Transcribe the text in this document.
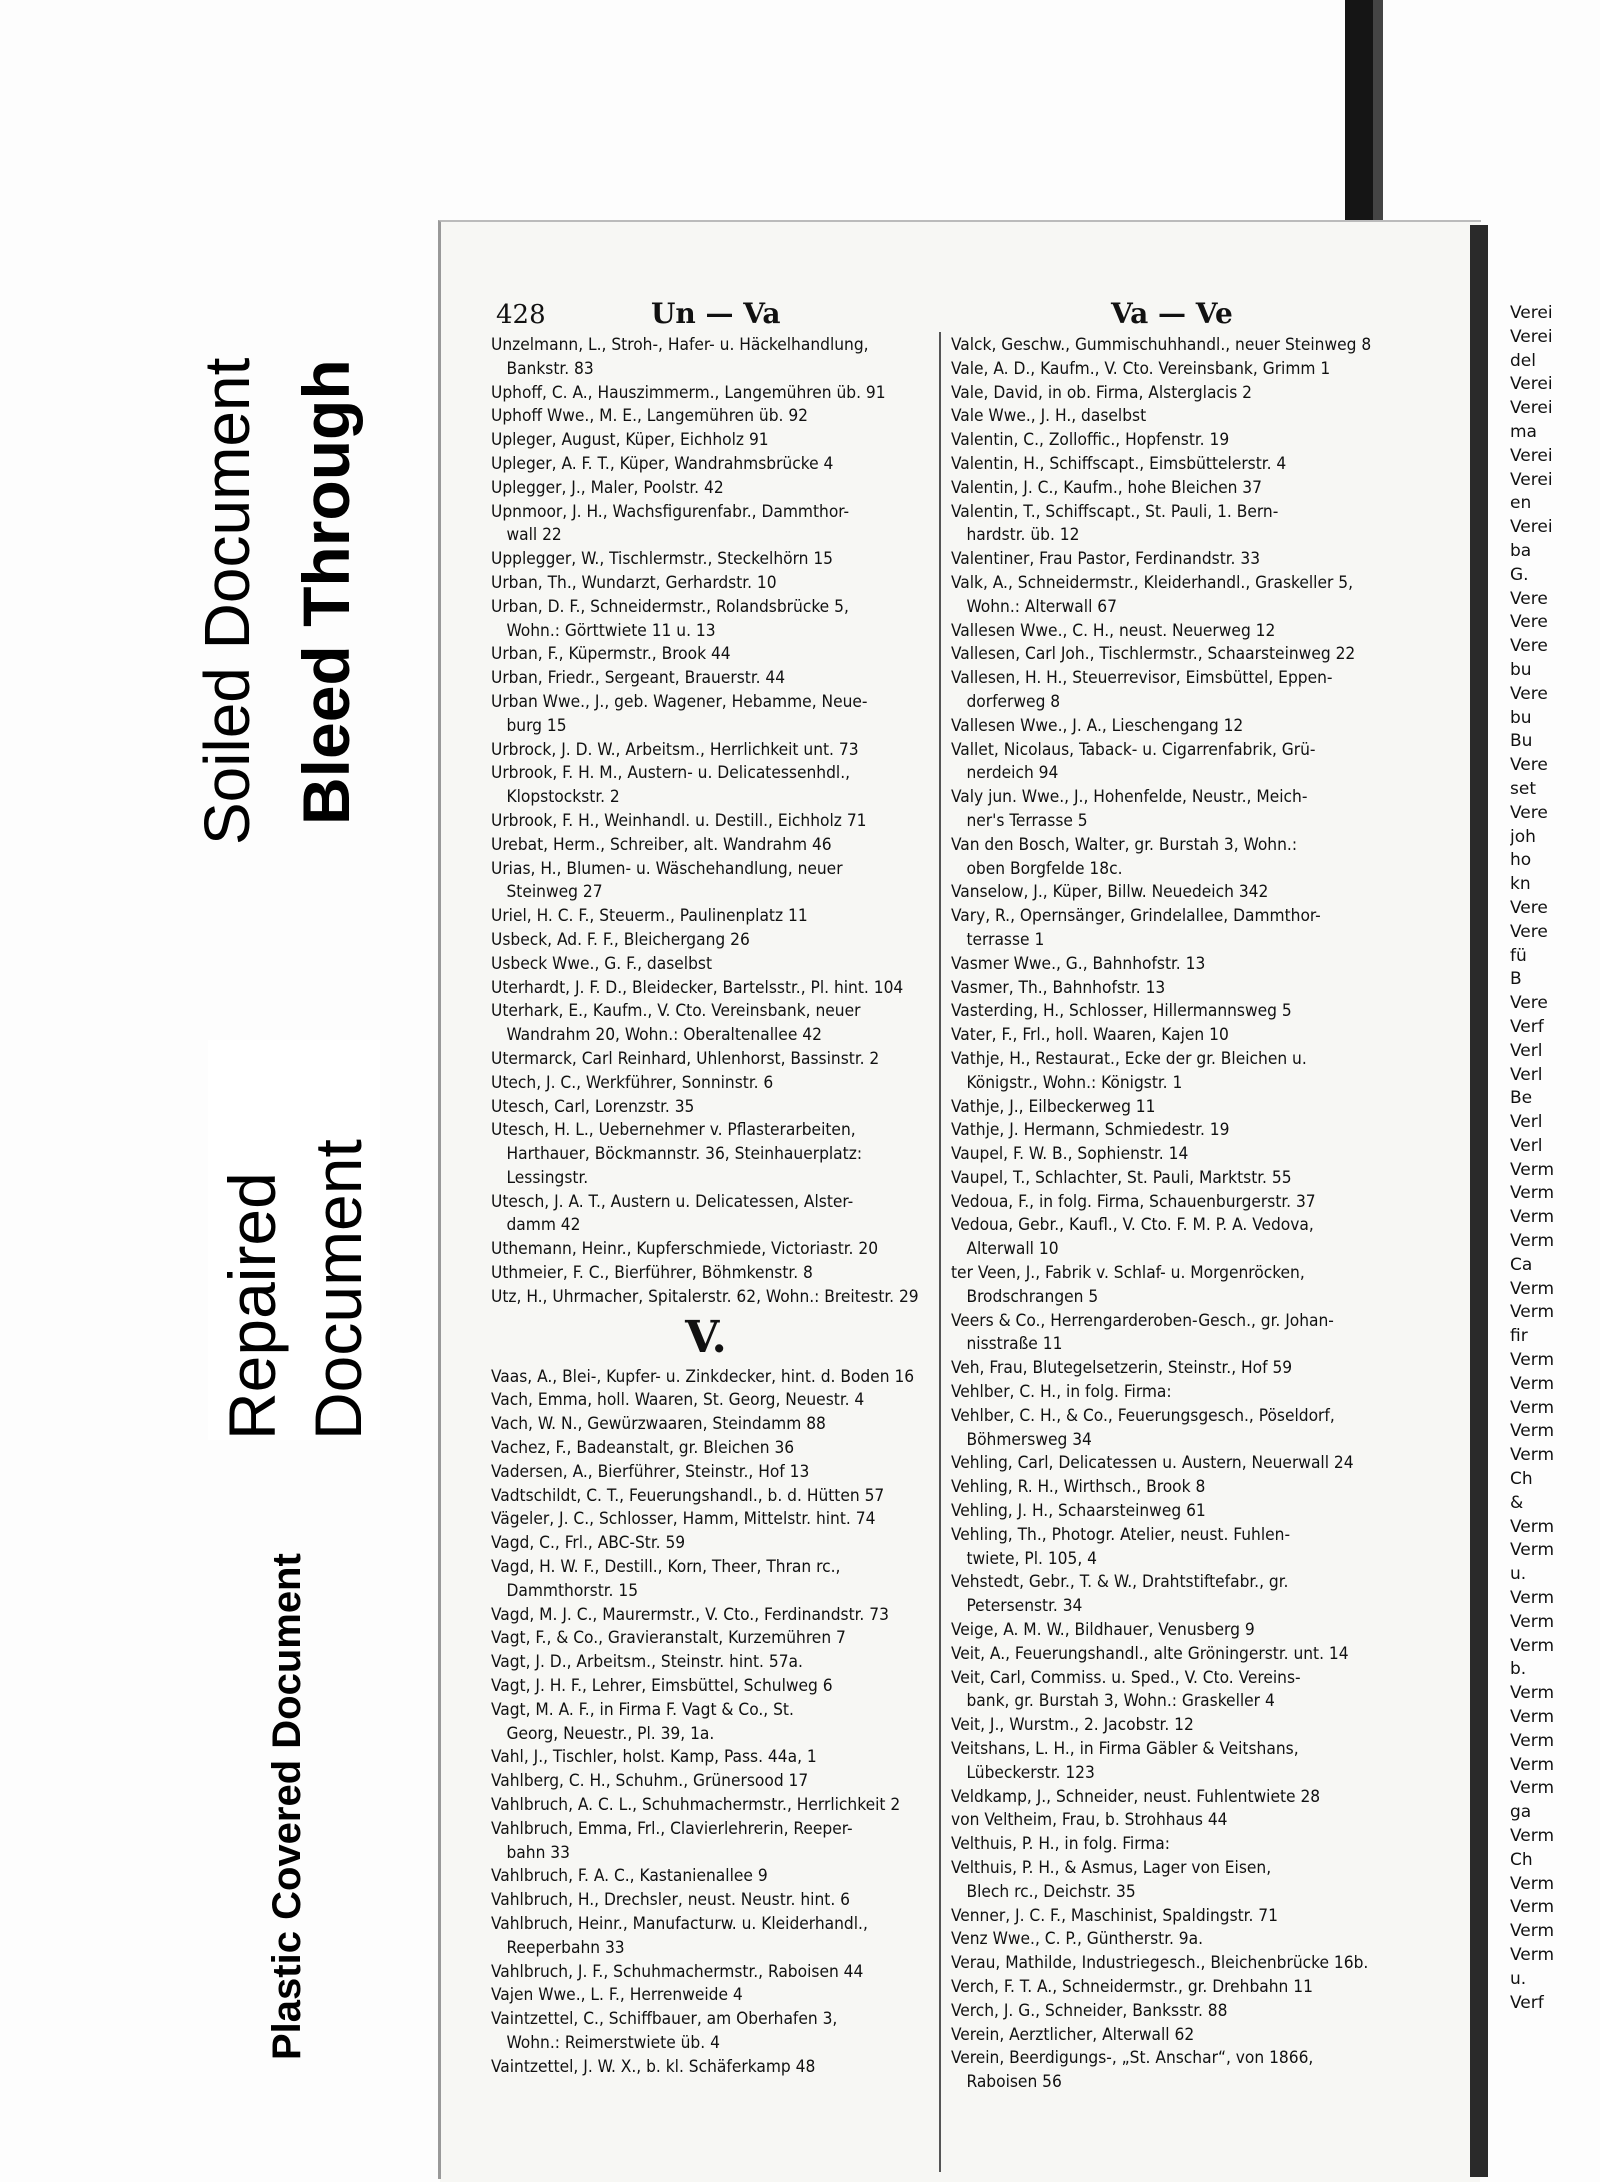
Soiled Document Bleed Through
Repaired Document
Plastic Covered Document
428	Un — Va	Va — Ve
Unzelmann, L., Stroh-, Hafer- u. Häckelhandlung,
 Bankstr. 83
Uphoff, C. A., Hauszimmerm., Langemühren üb. 91
Uphoff Wwe., M. E., Langemühren üb. 92
Upleger, August, Küper, Eichholz 91
Upleger, A. F. T., Küper, Wandrahmsbrücke 4
Uplegger, J., Maler, Poolstr. 42
Upnmoor, J. H., Wachsfigurenfabr., Dammthor-
 wall 22
Upplegger, W., Tischlermstr., Steckelhörn 15
Urban, Th., Wundarzt, Gerhardstr. 10
Urban, D. F., Schneidermstr., Rolandsbrücke 5,
 Wohn.: Görttwiete 11 u. 13
Urban, F., Küpermstr., Brook 44
Urban, Friedr., Sergeant, Brauerstr. 44
Urban Wwe., J., geb. Wagener, Hebamme, Neue-
 burg 15
Urbrock, J. D. W., Arbeitsm., Herrlichkeit unt. 73
Urbrook, F. H. M., Austern- u. Delicatessenhdl.,
 Klopstockstr. 2
Urbrook, F. H., Weinhandl. u. Destill., Eichholz 71
Urebat, Herm., Schreiber, alt. Wandrahm 46
Urias, H., Blumen- u. Wäschehandlung, neuer
 Steinweg 27
Uriel, H. C. F., Steuerm., Paulinenplatz 11
Usbeck, Ad. F. F., Bleichergang 26
Usbeck Wwe., G. F., daselbst
Uterhardt, J. F. D., Bleidecker, Bartelsstr., Pl. hint. 104
Uterhark, E., Kaufm., V. Cto. Vereinsbank, neuer
 Wandrahm 20, Wohn.: Oberaltenallee 42
Utermarck, Carl Reinhard, Uhlenhorst, Bassinstr. 2
Utech, J. C., Werkführer, Sonninstr. 6
Utesch, Carl, Lorenzstr. 35
Utesch, H. L., Uebernehmer v. Pflasterarbeiten,
 Harthauer, Böckmannstr. 36, Steinhauerplatz:
 Lessingstr.
Utesch, J. A. T., Austern u. Delicatessen, Alster-
 damm 42
Uthemann, Heinr., Kupferschmiede, Victoriastr. 20
Uthmeier, F. C., Bierführer, Böhmkenstr. 8
Utz, H., Uhrmacher, Spitalerstr. 62, Wohn.: Breitestr. 29
V.
Vaas, A., Blei-, Kupfer- u. Zinkdecker, hint. d. Boden 16
Vach, Emma, holl. Waaren, St. Georg, Neuestr. 4
Vach, W. N., Gewürzwaaren, Steindamm 88
Vachez, F., Badeanstalt, gr. Bleichen 36
Vadersen, A., Bierführer, Steinstr., Hof 13
Vadtschildt, C. T., Feuerungshandl., b. d. Hütten 57
Vägeler, J. C., Schlosser, Hamm, Mittelstr. hint. 74
Vagd, C., Frl., ABC-Str. 59
Vagd, H. W. F., Destill., Korn, Theer, Thran rc.,
 Dammthorstr. 15
Vagd, M. J. C., Maurermstr., V. Cto., Ferdinandstr. 73
Vagt, F., & Co., Gravieranstalt, Kurzemühren 7
Vagt, J. D., Arbeitsm., Steinstr. hint. 57a.
Vagt, J. H. F., Lehrer, Eimsbüttel, Schulweg 6
Vagt, M. A. F., in Firma F. Vagt & Co., St.
 Georg, Neuestr., Pl. 39, 1a.
Vahl, J., Tischler, holst. Kamp, Pass. 44a, 1
Vahlberg, C. H., Schuhm., Grünersood 17
Vahlbruch, A. C. L., Schuhmachermstr., Herrlichkeit 2
Vahlbruch, Emma, Frl., Clavierlehrerin, Reeper-
 bahn 33
Vahlbruch, F. A. C., Kastanienallee 9
Vahlbruch, H., Drechsler, neust. Neustr. hint. 6
Vahlbruch, Heinr., Manufacturw. u. Kleiderhandl.,
 Reeperbahn 33
Vahlbruch, J. F., Schuhmachermstr., Raboisen 44
Vajen Wwe., L. F., Herrenweide 4
Vaintzettel, C., Schiffbauer, am Oberhafen 3,
 Wohn.: Reimerstwiete üb. 4
Vaintzettel, J. W. X., b. kl. Schäferkamp 48
Valck, Geschw., Gummischuhhandl., neuer Steinweg 8
Vale, A. D., Kaufm., V. Cto. Vereinsbank, Grimm 1
Vale, David, in ob. Firma, Alsterglacis 2
Vale Wwe., J. H., daselbst
Valentin, C., Zolloffic., Hopfenstr. 19
Valentin, H., Schiffscapt., Eimsbüttelerstr. 4
Valentin, J. C., Kaufm., hohe Bleichen 37
Valentin, T., Schiffscapt., St. Pauli, 1. Bern-
 hardstr. üb. 12
Valentiner, Frau Pastor, Ferdinandstr. 33
Valk, A., Schneidermstr., Kleiderhandl., Graskeller 5,
 Wohn.: Alterwall 67
Vallesen Wwe., C. H., neust. Neuerweg 12
Vallesen, Carl Joh., Tischlermstr., Schaarsteinweg 22
Vallesen, H. H., Steuerrevisor, Eimsbüttel, Eppen-
 dorferweg 8
Vallesen Wwe., J. A., Lieschengang 12
Vallet, Nicolaus, Taback- u. Cigarrenfabrik, Grü-
 nerdeich 94
Valy jun. Wwe., J., Hohenfelde, Neustr., Meich-
 ner's Terrasse 5
Van den Bosch, Walter, gr. Burstah 3, Wohn.:
 oben Borgfelde 18c.
Vanselow, J., Küper, Billw. Neuedeich 342
Vary, R., Opernsänger, Grindelallee, Dammthor-
 terrasse 1
Vasmer Wwe., G., Bahnhofstr. 13
Vasmer, Th., Bahnhofstr. 13
Vasterding, H., Schlosser, Hillermannsweg 5
Vater, F., Frl., holl. Waaren, Kajen 10
Vathje, H., Restaurat., Ecke der gr. Bleichen u.
 Königstr., Wohn.: Königstr. 1
Vathje, J., Eilbeckerweg 11
Vathje, J. Hermann, Schmiedestr. 19
Vaupel, F. W. B., Sophienstr. 14
Vaupel, T., Schlachter, St. Pauli, Marktstr. 55
Vedoua, F., in folg. Firma, Schauenburgerstr. 37
Vedoua, Gebr., Kaufl., V. Cto. F. M. P. A. Vedova,
 Alterwall 10
ter Veen, J., Fabrik v. Schlaf- u. Morgenröcken,
 Brodschrangen 5
Veers & Co., Herrengarderoben-Gesch., gr. Johan-
 nisstraße 11
Veh, Frau, Blutegelsetzerin, Steinstr., Hof 59
Vehlber, C. H., in folg. Firma:
Vehlber, C. H., & Co., Feuerungsgesch., Pöseldorf,
 Böhmersweg 34
Vehling, Carl, Delicatessen u. Austern, Neuerwall 24
Vehling, R. H., Wirthsch., Brook 8
Vehling, J. H., Schaarsteinweg 61
Vehling, Th., Photogr. Atelier, neust. Fuhlen-
 twiete, Pl. 105, 4
Vehstedt, Gebr., T. & W., Drahtstiftefabr., gr.
 Petersenstr. 34
Veige, A. M. W., Bildhauer, Venusberg 9
Veit, A., Feuerungshandl., alte Gröningerstr. unt. 14
Veit, Carl, Commiss. u. Sped., V. Cto. Vereins-
 bank, gr. Burstah 3, Wohn.: Graskeller 4
Veit, J., Wurstm., 2. Jacobstr. 12
Veitshans, L. H., in Firma Gäbler & Veitshans,
 Lübeckerstr. 123
Veldkamp, J., Schneider, neust. Fuhlentwiete 28
von Veltheim, Frau, b. Strohhaus 44
Velthuis, P. H., in folg. Firma:
Velthuis, P. H., & Asmus, Lager von Eisen,
 Blech rc., Deichstr. 35
Venner, J. C. F., Maschinist, Spaldingstr. 71
Venz Wwe., C. P., Güntherstr. 9a.
Verau, Mathilde, Industriegesch., Bleichenbrücke 16b.
Verch, F. T. A., Schneidermstr., gr. Drehbahn 11
Verch, J. G., Schneider, Banksstr. 88
Verein, Aerztlicher, Alterwall 62
Verein, Beerdigungs-, „St. Anschar“, von 1866,
 Raboisen 56
Verei
Verei
del
Verei
Verei
ma
Verei
Verei
en
Verei
ba
G.
Vere
Vere
Vere
bu
Vere
bu
Bu
Vere
set
Vere
joh
ho
kn
Vere
Vere
fü
B
Vere
Verf
Verl
Verl
Be
Verl
Verl
Verm
Verm
Verm
Verm
Ca
Verm
Verm
fir
Verm
Verm
Verm
Verm
Verm
Ch
&
Verm
Verm
u.
Verm
Verm
Verm
b.
Verm
Verm
Verm
Verm
Verm
ga
Verm
Ch
Verm
Verm
Verm
Verm
u.
Verf
